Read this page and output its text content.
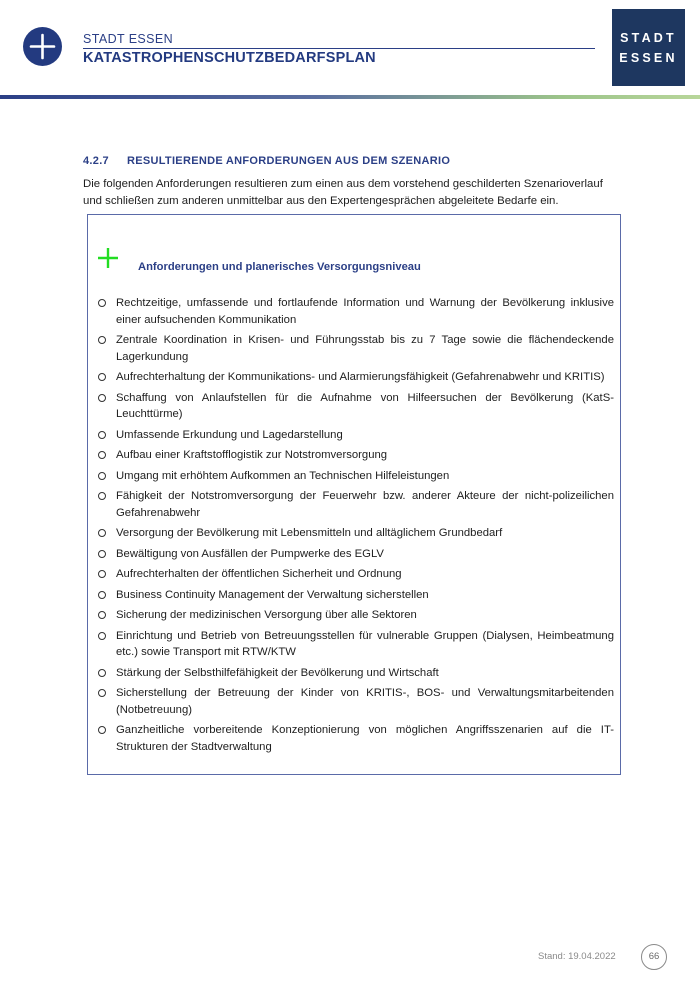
STADT ESSEN
KATASTROPHENSCHUTZBEDARFSPLAN
STADT
ESSEN
4.2.7 RESULTIERENDE ANFORDERUNGEN AUS DEM SZENARIO
Die folgenden Anforderungen resultieren zum einen aus dem vorstehend geschilderten Szenarioverlauf und schließen zum anderen unmittelbar aus den Expertengesprächen abgeleitete Bedarfe ein.
Anforderungen und planerisches Versorgungsniveau
Rechtzeitige, umfassende und fortlaufende Information und Warnung der Bevölkerung inklusive einer aufsuchenden Kommunikation
Zentrale Koordination in Krisen- und Führungsstab bis zu 7 Tage sowie die flächendeckende Lagerkundung
Aufrechterhaltung der Kommunikations- und Alarmierungsfähigkeit (Gefahrenabwehr und KRITIS)
Schaffung von Anlaufstellen für die Aufnahme von Hilfeersuchen der Bevölkerung (KatS-Leuchttürme)
Umfassende Erkundung und Lagedarstellung
Aufbau einer Kraftstofflogistik zur Notstromversorgung
Umgang mit erhöhtem Aufkommen an Technischen Hilfeleistungen
Fähigkeit der Notstromversorgung der Feuerwehr bzw. anderer Akteure der nicht-polizeilichen Gefahrenabwehr
Versorgung der Bevölkerung mit Lebensmitteln und alltäglichem Grundbedarf
Bewältigung von Ausfällen der Pumpwerke des EGLV
Aufrechterhalten der öffentlichen Sicherheit und Ordnung
Business Continuity Management der Verwaltung sicherstellen
Sicherung der medizinischen Versorgung über alle Sektoren
Einrichtung und Betrieb von Betreuungsstellen für vulnerable Gruppen (Dialysen, Heimbeatmung etc.) sowie Transport mit RTW/KTW
Stärkung der Selbsthilfefähigkeit der Bevölkerung und Wirtschaft
Sicherstellung der Betreuung der Kinder von KRITIS-, BOS- und Verwaltungsmitarbeitenden (Notbetreuung)
Ganzheitliche vorbereitende Konzeptionierung von möglichen Angriffsszenarien auf die IT-Strukturen der Stadtverwaltung
Stand: 19.04.2022	66
